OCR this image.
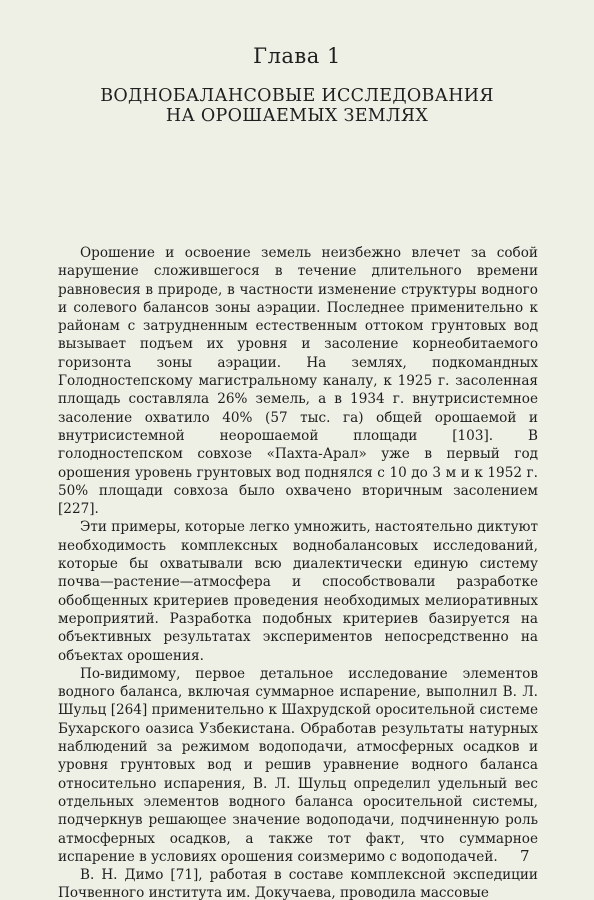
Глава 1
ВОДНОБАЛАНСОВЫЕ ИССЛЕДОВАНИЯ
НА ОРОШАЕМЫХ ЗЕМЛЯХ

Орошение и освоение земель неизбежно влечет за собой нарушение сложившегося в течение длительного времени равновесия в природе, в частности изменение структуры водного и солевого балансов зоны аэрации. Последнее применительно к районам с затрудненным естественным оттоком грунтовых вод вызывает подъем их уровня и засоление корнеобитаемого горизонта зоны аэрации. На землях, подкомандных Голодностепскому магистральному каналу, к 1925 г. засоленная площадь составляла 26% земель, а в 1934 г. внутрисистемное засоление охватило 40% (57 тыс. га) общей орошаемой и внутрисистемной неорошаемой площади [103]. В голодностепском совхозе «Пахта-Арал» уже в первый год орошения уровень грунтовых вод поднялся с 10 до 3 м и к 1952 г. 50% площади совхоза было охвачено вторичным засолением [227].

Эти примеры, которые легко умножить, настоятельно диктуют необходимость комплексных воднобалансовых исследований, которые бы охватывали всю диалектически единую систему почва—растение—атмосфера и способствовали разработке обобщенных критериев проведения необходимых мелиоративных мероприятий. Разработка подобных критериев базируется на объективных результатах экспериментов непосредственно на объектах орошения.

По-видимому, первое детальное исследование элементов водного баланса, включая суммарное испарение, выполнил В. Л. Шульц [264] применительно к Шахрудской оросительной системе Бухарского оазиса Узбекистана. Обработав результаты натурных наблюдений за режимом водоподачи, атмосферных осадков и уровня грунтовых вод и решив уравнение водного баланса относительно испарения, В. Л. Шульц определил удельный вес отдельных элементов водного баланса оросительной системы, подчеркнув решающее значение водоподачи, подчиненную роль атмосферных осадков, а также тот факт, что суммарное испарение в условиях орошения соизмеримо с водоподачей.

В. Н. Димо [71], работая в составе комплексной экспедиции Почвенного института им. Докучаева, проводила массовые

7
